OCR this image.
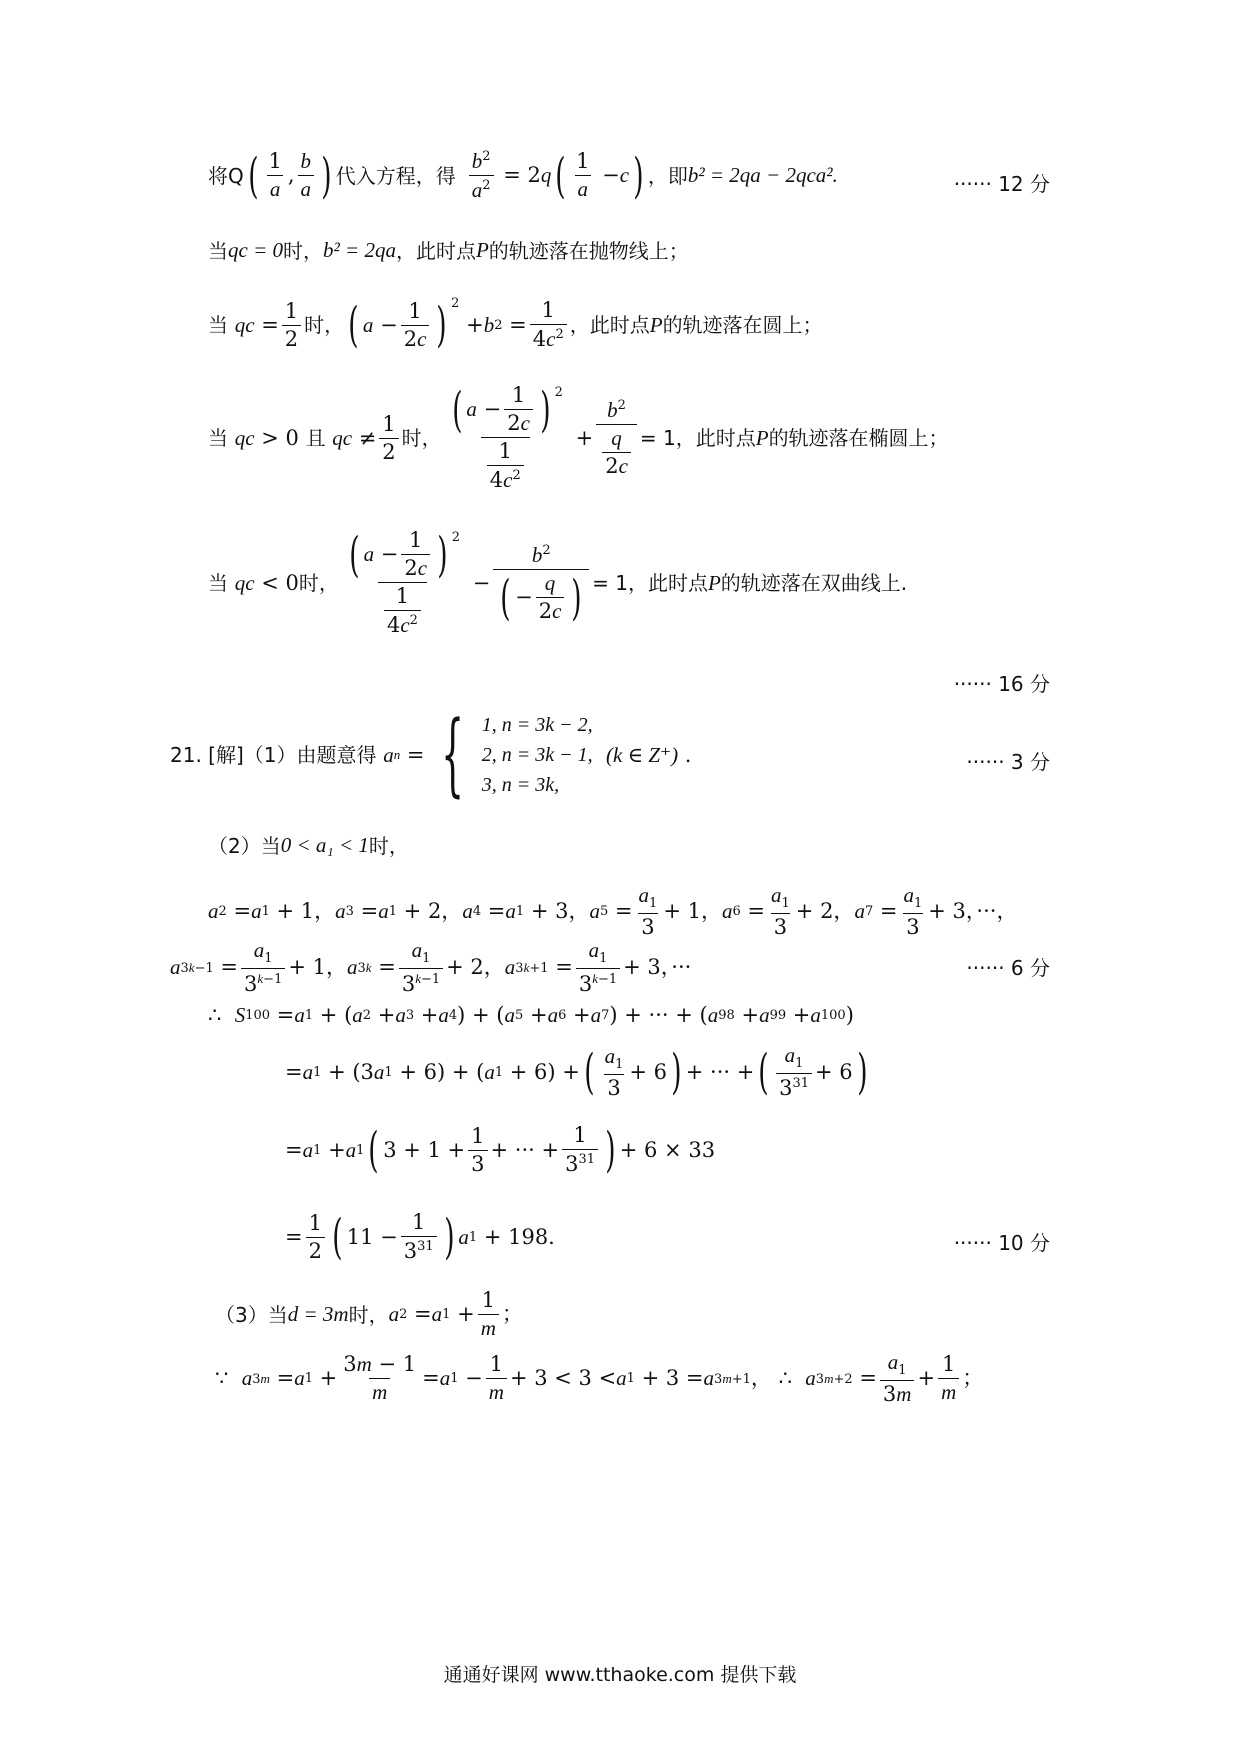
将Q ( $\frac{1}{a}$ , $\frac{b}{a}$ ) 代入方程，得 $\frac{b^2}{a^2} = 2$ q ( $\frac{1}{a} - c$ ) ，即 b² = 2qa − 2qca².	······ 12 分
当 qc = 0 时， b² = 2qa ，此时点 P 的轨迹落在抛物线上；
当
qc = $\frac{1}{2}$ 时， ( $a - \frac{1}{2c}$ ) $^2$
+ b $2 = \frac{1}{4c^2}$ ，此时点 P 的轨迹落在圆上；
当
qc > 0 且
qc ≠ $\frac{1}{2}$ 时， $\frac{( a - \frac{1}{2c} ) ^2}{\frac{1}{4c^2}} + \frac{b^2}{\frac{q}{2c}} = 1$，此时点 P 的轨迹落在椭圆上；
当
qc < 0 时， $\frac{( a - \frac{1}{2c} ) ^2}{\frac{1}{4c^2}} - \frac{b^2}{( - \frac{q}{2c} )} = 1$，此时点 P 的轨迹落在双曲线上.
······ 16 分
21. [解]（1）由题意得
a n = { 1, n = 3k − 2,
2, n = 3k − 1,
3, n = 3k,

(k ∈ Z⁺) .	······ 3 分
（2）当 0 < a₁ < 1 时，
a 2 = a 1 + 1， a 3 = a 1 + 2， a 4 = a 1 + 3， a $5 = \frac{a_1}{3} + 1$， a $6 = \frac{a_1}{3} + 2$， a $7 = \frac{a_1}{3} + 3$，···，
a $3k-1 = \frac{a_1}{3^{k-1}} + 1$， a $3k = \frac{a_1}{3^{k-1}} + 2$， a $3k+1 = \frac{a_1}{3^{k-1}} + 3$，···	······ 6 分
∴
S 100 = a 1 + ( a 2 + a 3 + a 4 ) + ( a 5 + a 6 + a 7 ) + ··· + ( a 98 + a 99 + a 100 )
= a 1 + (3 a 1 + 6) + ( a 1 + 6) + ( $\frac{a_1}{3} + 6$ ) + ··· + ( $\frac{a_1}{3^{31}} + 6$ )
= a 1 + a 1 ( $3 + 1 + \frac{1}{3}$ + ··· + $\frac{1}{3^{31}}$ ) + 6 × 33
= $\frac{1}{2}$ ( $11 - \frac{1}{3^{31}}$ ) a 1 + 198.	······ 10 分
（3）当 d = 3m 时， a 2 = a $1 + \frac{1}{m}$ ；
∵
a 3m = a $1 + \frac{3m - 1}{m} = a$ $1 - \frac{1}{m} + 3 < 3 < a$ 1 + 3 = a 3m+1 ， ∴
a $3m+2 = \frac{a_1}{3m} + \frac{1}{m}$ ；
通通好课网 www.tthaoke.com 提供下载
